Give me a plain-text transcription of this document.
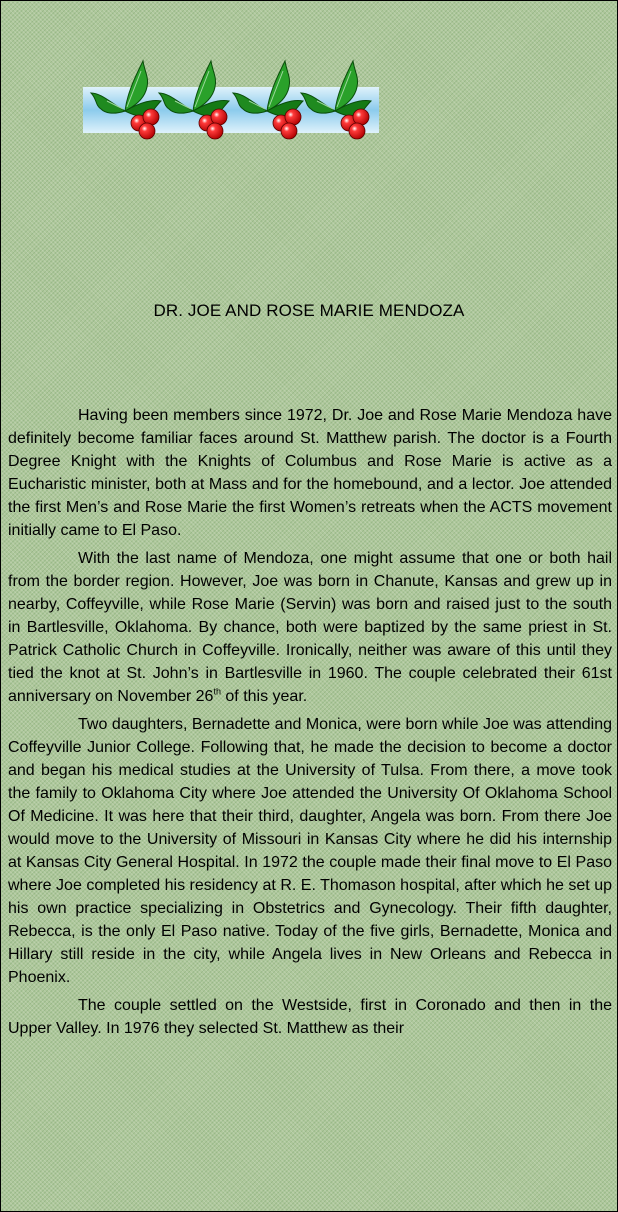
DR. JOE AND ROSE MARIE MENDOZA

Having been members since 1972, Dr. Joe and Rose Marie Mendoza have definitely become familiar faces around St. Matthew parish. The doctor is a Fourth Degree Knight with the Knights of Columbus and Rose Marie is active as a Eucharistic minister, both at Mass and for the homebound, and a lector. Joe attended the first Men’s and Rose Marie the first Women’s retreats when the ACTS movement initially came to El Paso.

With the last name of Mendoza, one might assume that one or both hail from the border region. However, Joe was born in Chanute, Kansas and grew up in nearby, Coffeyville, while Rose Marie (Servin) was born and raised just to the south in Bartlesville, Oklahoma. By chance, both were baptized by the same priest in St. Patrick Catholic Church in Coffeyville. Ironically, neither was aware of this until they tied the knot at St. John’s in Bartlesville in 1960. The couple celebrated their 61st anniversary on November 26th of this year.

Two daughters, Bernadette and Monica, were born while Joe was attending Coffeyville Junior College. Following that, he made the decision to become a doctor and began his medical studies at the University of Tulsa. From there, a move took the family to Oklahoma City where Joe attended the University Of Oklahoma School Of Medicine. It was here that their third, daughter, Angela was born. From there Joe would move to the University of Missouri in Kansas City where he did his internship at Kansas City General Hospital. In 1972 the couple made their final move to El Paso where Joe completed his residency at R. E. Thomason hospital, after which he set up his own practice specializing in Obstetrics and Gynecology. Their fifth daughter, Rebecca, is the only El Paso native. Today of the five girls, Bernadette, Monica and Hillary still reside in the city, while Angela lives in New Orleans and Rebecca in Phoenix.

The couple settled on the Westside, first in Coronado and then in the Upper Valley. In 1976 they selected St. Matthew as their
